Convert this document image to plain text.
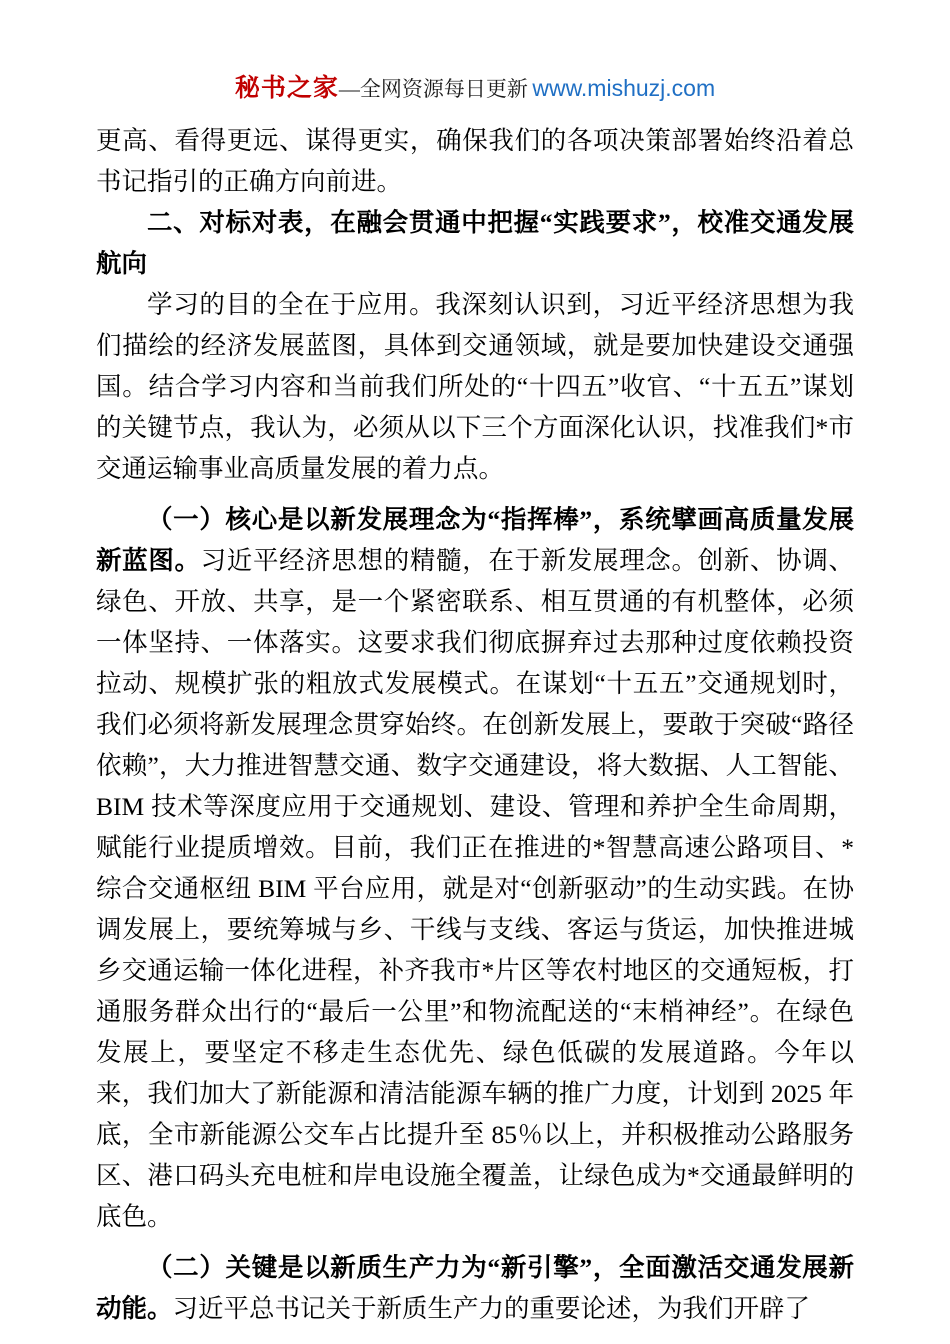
秘书之家—全网资源每日更新 www.mishuzj.com

更高、看得更远、谋得更实，确保我们的各项决策部署始终沿着总书记指引的正确方向前进。

二、对标对表，在融会贯通中把握“实践要求”，校准交通发展航向

学习的目的全在于应用。我深刻认识到，习近平经济思想为我们描绘的经济发展蓝图，具体到交通领域，就是要加快建设交通强国。结合学习内容和当前我们所处的“十四五”收官、“十五五”谋划的关键节点，我认为，必须从以下三个方面深化认识，找准我们*市交通运输事业高质量发展的着力点。

（一）核心是以新发展理念为“指挥棒”，系统擘画高质量发展新蓝图。习近平经济思想的精髓，在于新发展理念。创新、协调、绿色、开放、共享，是一个紧密联系、相互贯通的有机整体，必须一体坚持、一体落实。这要求我们彻底摒弃过去那种过度依赖投资拉动、规模扩张的粗放式发展模式。在谋划“十五五”交通规划时，我们必须将新发展理念贯穿始终。在创新发展上，要敢于突破“路径依赖”，大力推进智慧交通、数字交通建设，将大数据、人工智能、BIM 技术等深度应用于交通规划、建设、管理和养护全生命周期，赋能行业提质增效。目前，我们正在推进的*智慧高速公路项目、*综合交通枢纽 BIM 平台应用，就是对“创新驱动”的生动实践。在协调发展上，要统筹城与乡、干线与支线、客运与货运，加快推进城乡交通运输一体化进程，补齐我市*片区等农村地区的交通短板，打通服务群众出行的“最后一公里”和物流配送的“末梢神经”。在绿色发展上，要坚定不移走生态优先、绿色低碳的发展道路。今年以来，我们加大了新能源和清洁能源车辆的推广力度，计划到 2025 年底，全市新能源公交车占比提升至 85％以上，并积极推动公路服务区、港口码头充电桩和岸电设施全覆盖，让绿色成为*交通最鲜明的底色。

（二）关键是以新质生产力为“新引擎”，全面激活交通发展新动能。习近平总书记关于新质生产力的重要论述，为我们开辟了
